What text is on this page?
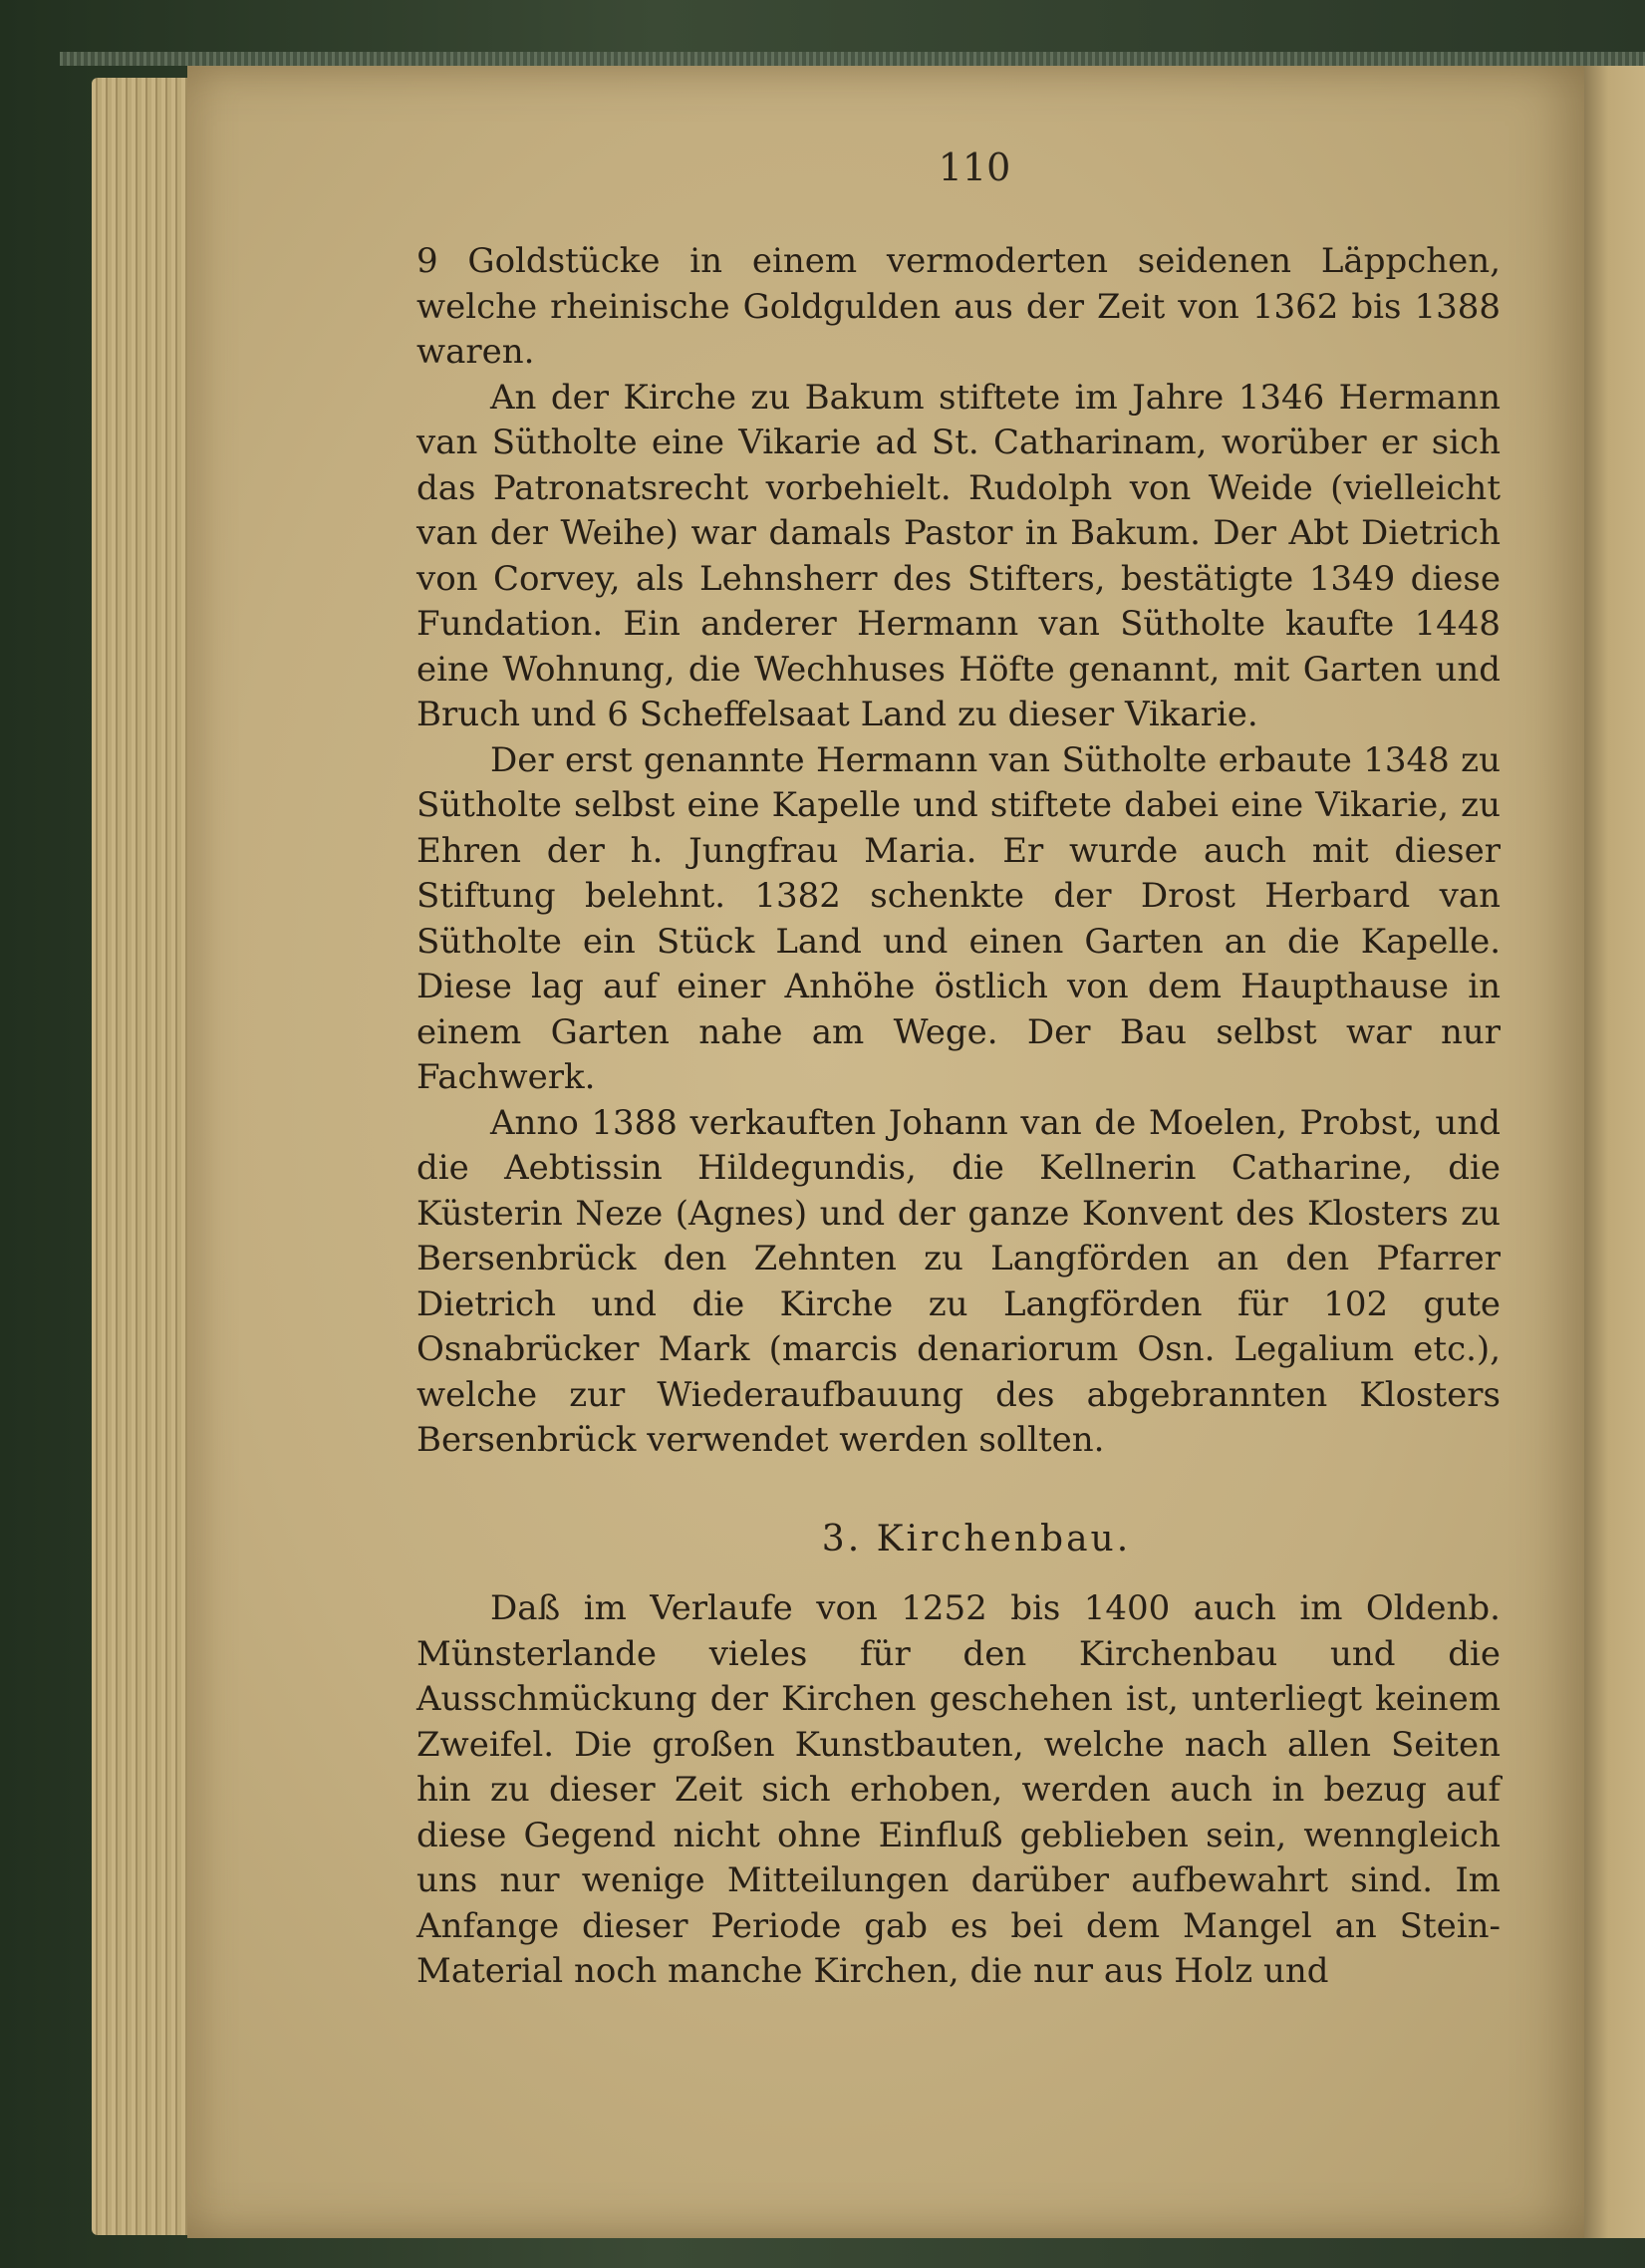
110

9 Goldstücke in einem vermoderten seidenen Läppchen, welche rheinische Goldgulden aus der Zeit von 1362 bis 1388 waren.

An der Kirche zu Bakum stiftete im Jahre 1346 Hermann van Sütholte eine Vikarie ad St. Catharinam, worüber er sich das Patronatsrecht vorbehielt. Rudolph von Weide (vielleicht van der Weihe) war damals Pastor in Bakum. Der Abt Dietrich von Corvey, als Lehnsherr des Stifters, bestätigte 1349 diese Fundation. Ein anderer Hermann van Sütholte kaufte 1448 eine Wohnung, die Wechhuses Höfte genannt, mit Garten und Bruch und 6 Scheffelsaat Land zu dieser Vikarie.

Der erst genannte Hermann van Sütholte erbaute 1348 zu Sütholte selbst eine Kapelle und stiftete dabei eine Vikarie, zu Ehren der h. Jungfrau Maria. Er wurde auch mit dieser Stiftung belehnt. 1382 schenkte der Drost Herbard van Sütholte ein Stück Land und einen Garten an die Kapelle. Diese lag auf einer Anhöhe östlich von dem Haupthause in einem Garten nahe am Wege. Der Bau selbst war nur Fachwerk.

Anno 1388 verkauften Johann van de Moelen, Probst, und die Aebtissin Hildegundis, die Kellnerin Catharine, die Küsterin Neze (Agnes) und der ganze Konvent des Klosters zu Bersenbrück den Zehnten zu Langförden an den Pfarrer Dietrich und die Kirche zu Langförden für 102 gute Osnabrücker Mark (marcis denariorum Osn. Legalium etc.), welche zur Wiederaufbauung des abgebrannten Klosters Bersenbrück verwendet werden sollten.

3. Kirchenbau.

Daß im Verlaufe von 1252 bis 1400 auch im Oldenb. Münsterlande vieles für den Kirchenbau und die Ausschmückung der Kirchen geschehen ist, unterliegt keinem Zweifel. Die großen Kunstbauten, welche nach allen Seiten hin zu dieser Zeit sich erhoben, werden auch in bezug auf diese Gegend nicht ohne Einfluß geblieben sein, wenngleich uns nur wenige Mitteilungen darüber aufbewahrt sind. Im Anfange dieser Periode gab es bei dem Mangel an Stein-Material noch manche Kirchen, die nur aus Holz und
